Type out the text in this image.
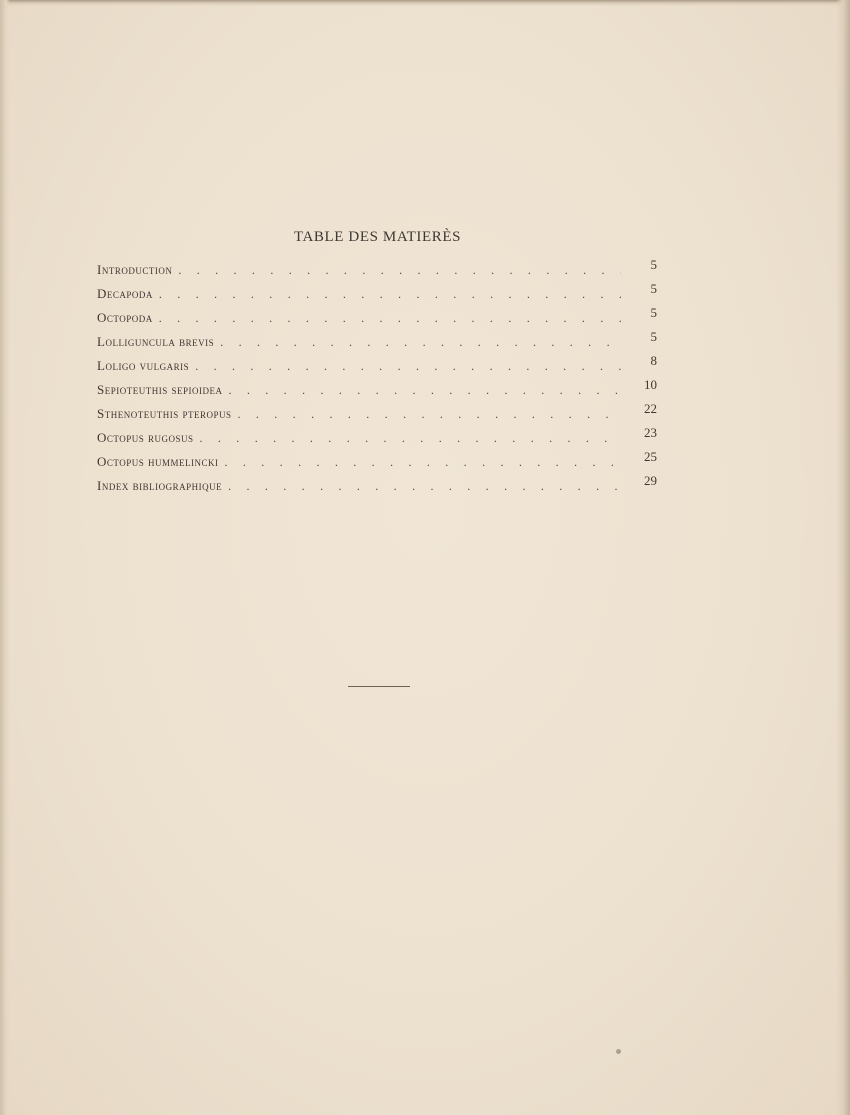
TABLE DES MATIERÈS
Introduction . . .	5
Decapoda . . .	5
Octopoda . . .	5
Lolliguncula brevis . . .	5
Loligo vulgaris . . .	8
Sepioteuthis sepioidea . . .	10
Sthenoteuthis pteropus . . .	22
Octopus rugosus . . .	23
Octopus hummelincki . . .	25
Index bibliographique . . .	29
